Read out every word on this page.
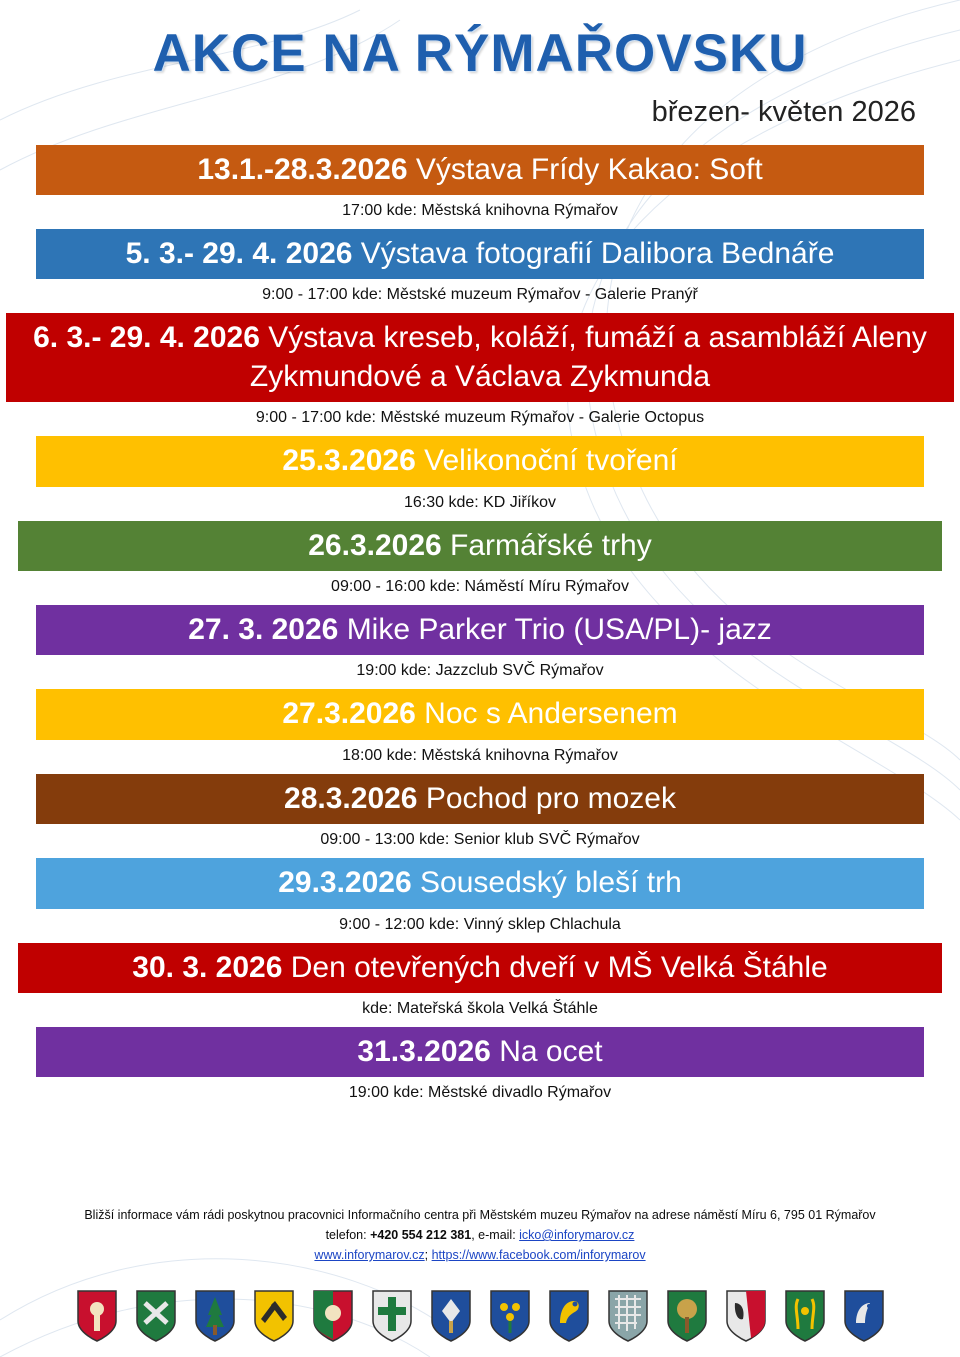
AKCE NA RÝMAŘOVSKU
březen- květen 2026
13.1.-28.3.2026 Výstava Frídy Kakao: Soft
17:00 kde: Městská knihovna Rýmařov
5. 3.- 29. 4. 2026 Výstava fotografií Dalibora Bednáře
9:00 - 17:00 kde: Městské muzeum Rýmařov - Galerie Pranýř
6. 3.- 29. 4. 2026 Výstava kreseb, koláží, fumáží a asambláží Aleny Zykmundové a Václava Zykmunda
9:00 - 17:00 kde: Městské muzeum Rýmařov - Galerie Octopus
25.3.2026 Velikonoční tvoření
16:30 kde: KD Jiříkov
26.3.2026 Farmářské trhy
09:00 - 16:00 kde: Náměstí Míru Rýmařov
27. 3. 2026 Mike Parker Trio (USA/PL)- jazz
19:00 kde: Jazzclub SVČ Rýmařov
27.3.2026 Noc s Andersenem
18:00 kde: Městská knihovna Rýmařov
28.3.2026 Pochod pro mozek
09:00 - 13:00 kde: Senior klub SVČ Rýmařov
29.3.2026 Sousedský bleší trh
9:00 - 12:00 kde: Vinný sklep Chlachula
30. 3. 2026 Den otevřených dveří v MŠ Velká Štáhle
kde: Mateřská škola Velká Štáhle
31.3.2026 Na ocet
19:00 kde: Městské divadlo Rýmařov
Bližší informace vám rádi poskytnou pracovnici Informačního centra při Městském muzeu Rýmařov na adrese náměstí Míru 6, 795 01 Rýmařov
telefon: +420 554 212 381, e-mail: icko@inforymarov.cz
www.inforymarov.cz; https://www.facebook.com/inforymarov
